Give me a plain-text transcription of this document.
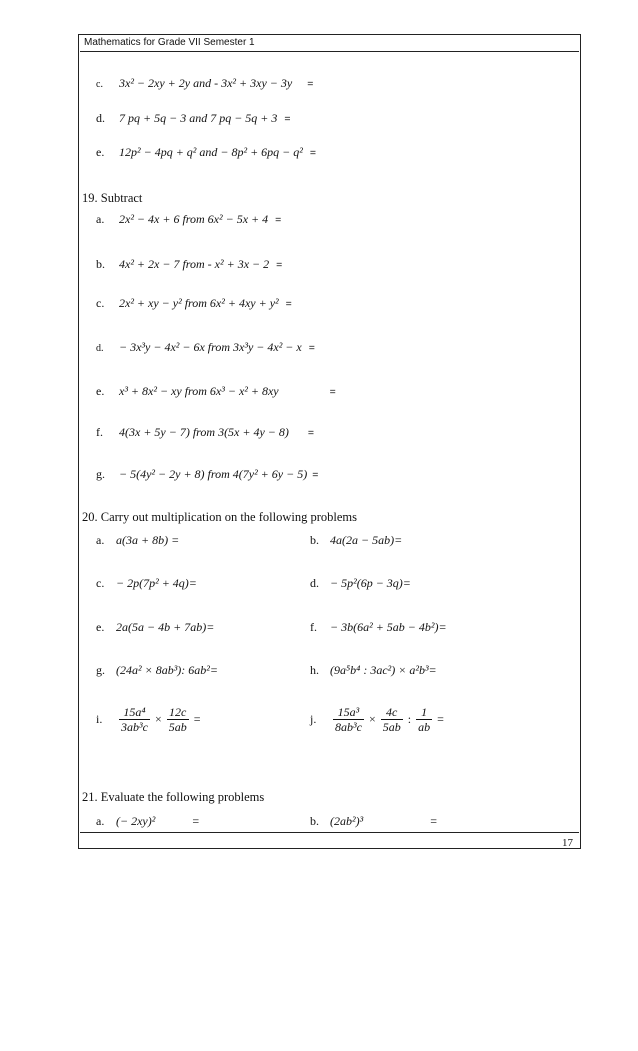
Mathematics for Grade VII Semester 1
c. 3x² − 2xy + 2y and - 3x² + 3xy − 3y =
d. 7 pq + 5q − 3 and 7 pq − 5q + 3 =
e. 12p² − 4pq + q² and − 8p² + 6pq − q² =
19. Subtract
a. 2x² − 4x + 6 from 6x² − 5x + 4 =
b. 4x² + 2x − 7 from - x² + 3x − 2 =
c. 2x² + xy − y² from 6x² + 4xy + y² =
d. − 3x³y − 4x² − 6x from 3x³y − 4x² − x =
e. x³ + 8x² − xy from 6x³ − x² + 8xy	=
f. 4(3x + 5y − 7) from 3(5x + 4y − 8) =
g. − 5(4y² − 2y + 8) from 4(7y² + 6y − 5) =
20. Carry out multiplication on the following problems
a. a(3a + 8b) =	b. 4a(2a − 5ab)=
c. − 2p(7p² + 4q)=	d. − 5p²(6p − 3q)=
e. 2a(5a − 4b + 7ab)=	f. − 3b(6a² + 5ab − 4b²)=
g. (24a² × 8ab³): 6ab²=	h. (9a⁵b⁴ : 3ac²) × a²b³=
i. $\frac{\text{15a⁴}}{\text{3ab³c}} \times \frac{12c}{5ab}$ =	j. $\frac{\text{15a³}}{\text{8ab³c}} \times \frac{4c}{5ab}$ : $\frac{1}{ab}$ =
21. Evaluate the following problems
a. (− 2xy)²	=	b. (2ab²)³	=
17
